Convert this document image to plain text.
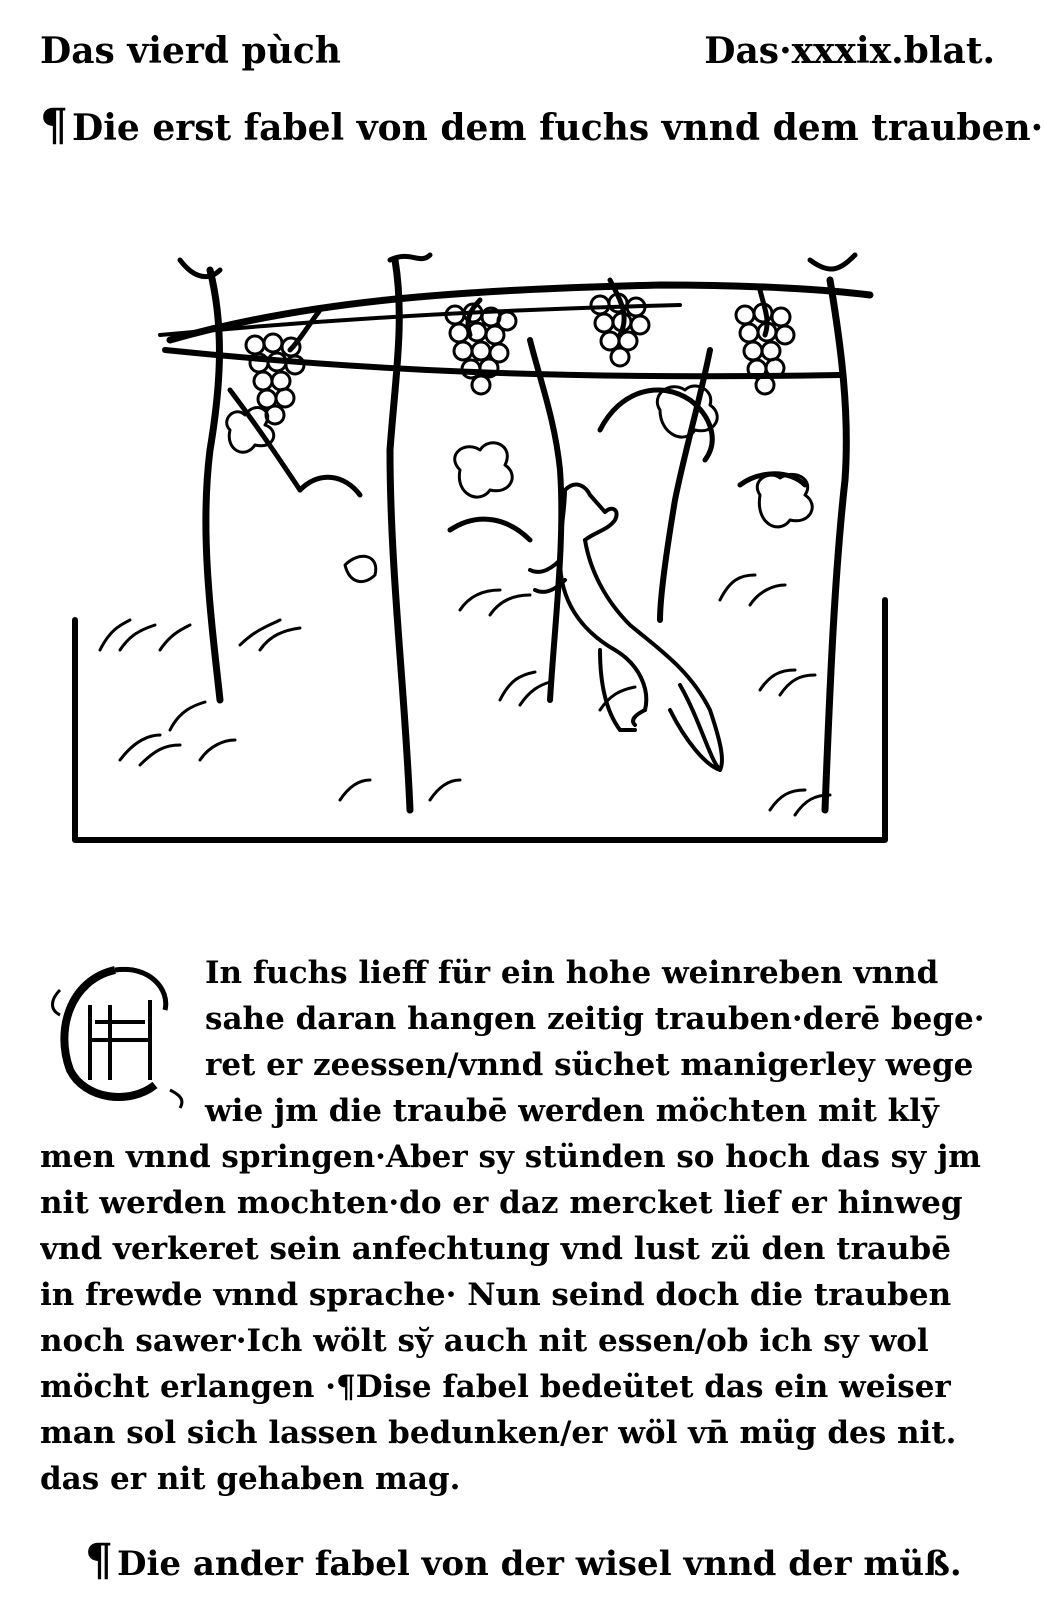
Das vierd pùch	Das·xxxix.blat.
¶ Die erst fabel von dem fuchs vnnd dem trauben·
In fuchs lieff für ein hohe weinreben vnnd
sahe daran hangen zeitig trauben·derē bege·
ret er zeessen/vnnd süchet manigerley wege
wie jm die traubē werden möchten mit klȳ
men vnnd springen·Aber sy stünden so hoch das sy jm
nit werden mochten·do er daz mercket lief er hinweg
vnd verkeret sein anfechtung vnd lust zü den traubē
in frewde vnnd sprache· Nun seind doch die trauben
noch sawer·Ich wölt sy̆ auch nit essen/ob ich sy wol
möcht erlangen ·¶Dise fabel bedeütet das ein weiser
man sol sich lassen bedunken/er wöl vn̄ müg des nit.
das er nit gehaben mag.
¶ Die ander fabel von der wisel vnnd der müß.
